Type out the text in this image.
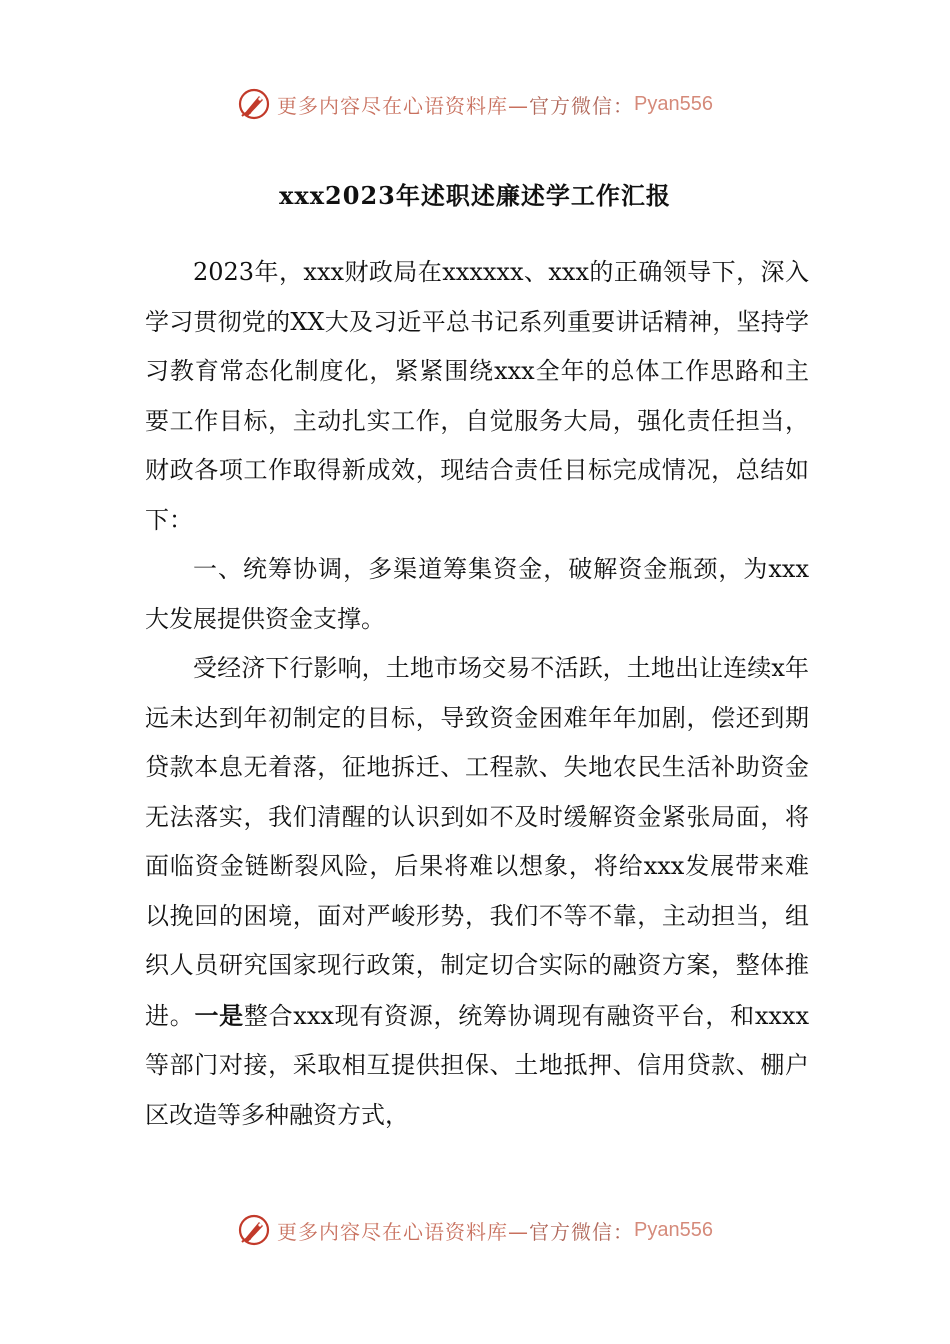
更多内容尽在心语资料库— 官方微信： Pyan556
xxx2023年述职述廉述学工作汇报

2023年，xxx财政局在xxxxxx、xxx的正确领导下，深入学习贯彻党的XX大及习近平总书记系列重要讲话精神，坚持学习教育常态化制度化，紧紧围绕xxx全年的总体工作思路和主要工作目标，主动扎实工作，自觉服务大局，强化责任担当，财政各项工作取得新成效，现结合责任目标完成情况，总结如下：

一、统筹协调，多渠道筹集资金，破解资金瓶颈，为xxx大发展提供资金支撑。

受经济下行影响，土地市场交易不活跃，土地出让连续x年远未达到年初制定的目标，导致资金困难年年加剧，偿还到期贷款本息无着落，征地拆迁、工程款、失地农民生活补助资金无法落实，我们清醒的认识到如不及时缓解资金紧张局面，将面临资金链断裂风险，后果将难以想象，将给xxx发展带来难以挽回的困境，面对严峻形势，我们不等不靠，主动担当，组织人员研究国家现行政策，制定切合实际的融资方案，整体推进。一是整合xxx现有资源，统筹协调现有融资平台，和xxxx等部门对接，采取相互提供担保、土地抵押、信用贷款、棚户区改造等多种融资方式，

更多内容尽在心语资料库— 官方微信： Pyan556
